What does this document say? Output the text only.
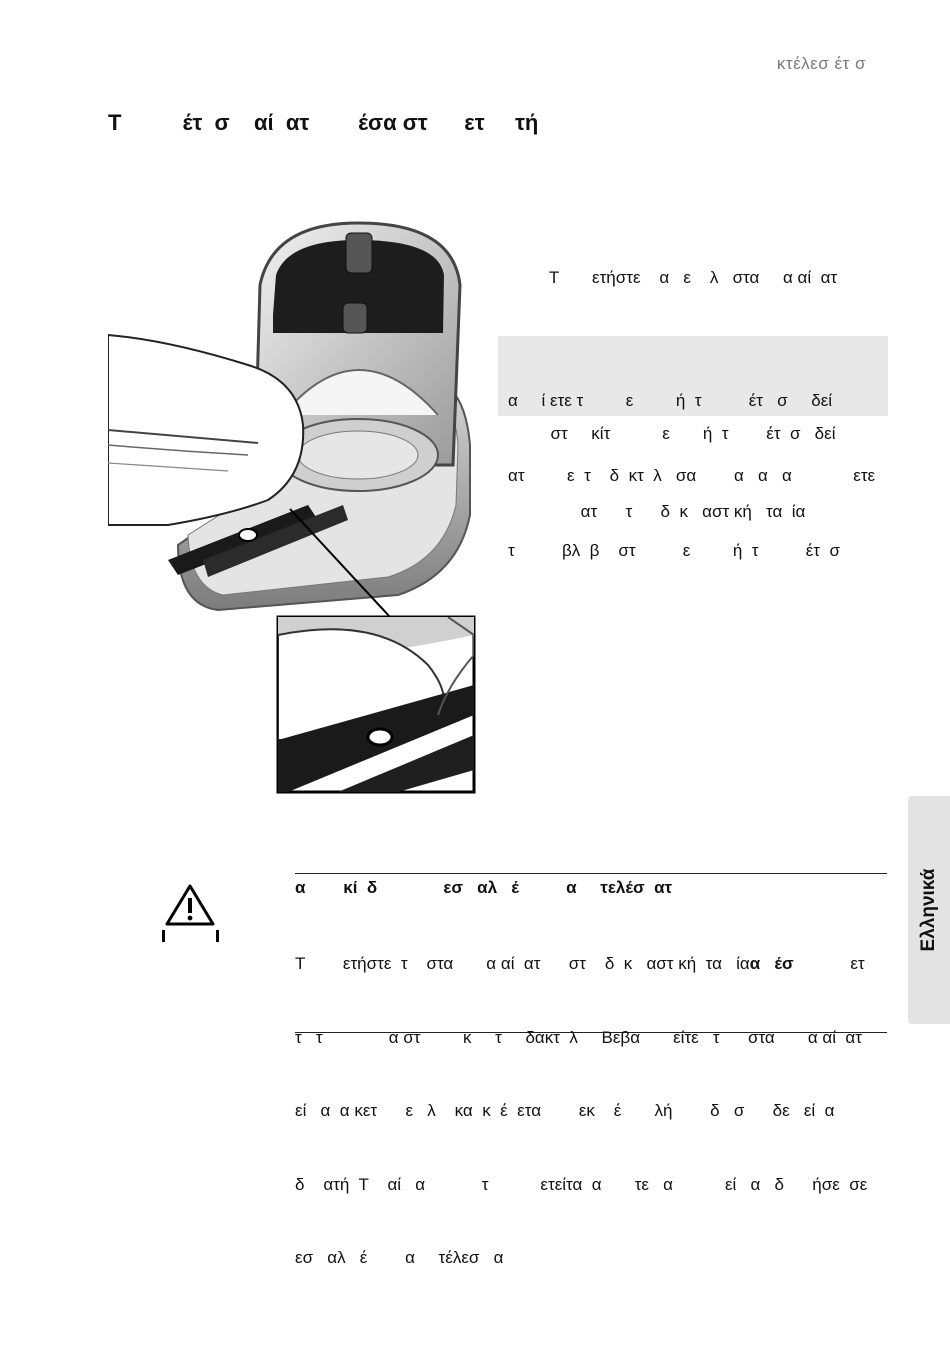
κτέλεσ έτ σ
Τ          έτ  σ    αί  ατ        έσα στ      ετ     τή

Τ       ετήστε    α   ε    λ   στα     α αί  ατ

στ     κίτ           ε       ή  τ        έτ  σ   δεί

ατ      τ      δ  κ   αστ κή   τα  ία

α     ί ετε τ         ε         ή  τ          έτ   σ     δεί

ατ         ε  τ    δ  κτ  λ   σα        α   α   α             ετε

τ          βλ  β    στ          ε         ή  τ          έτ  σ

α        κί  δ              εσ   αλ   έ          α     τελέσ  ατ

Τ        ετήστε  τ    στα       α αί  ατ      στ    δ  κ   αστ κή  τα   ίαα   έσ            ετ

τ   τ              α στ         κ     τ     δακτ  λ     Βεβα       είτε   τ      στα       α αί  ατ

εί   α  α κετ      ε   λ    κα  κ  έ  ετα        εκ    έ       λή        δ   σ      δε   εί  α

δ    ατή  Τ    αί   α            τ           ετείτα  α       τε   α           εί   α   δ      ήσε  σε

εσ   αλ   έ        α     τέλεσ   α

Ελληνικά
